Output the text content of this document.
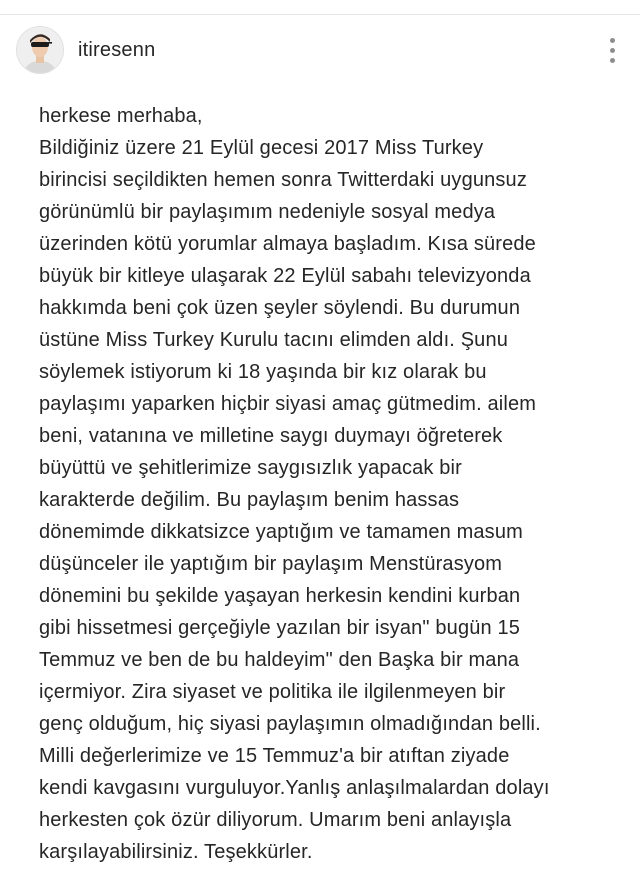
itiresenn
herkese merhaba,
Bildiğiniz üzere 21 Eylül gecesi 2017 Miss Turkey
birincisi seçildikten hemen sonra Twitterdaki uygunsuz
görünümlü bir paylaşımım nedeniyle sosyal medya
üzerinden kötü yorumlar almaya başladım. Kısa sürede
büyük bir kitleye ulaşarak 22 Eylül sabahı televizyonda
hakkımda beni çok üzen şeyler söylendi. Bu durumun
üstüne Miss Turkey Kurulu tacını elimden aldı. Şunu
söylemek istiyorum ki 18 yaşında bir kız olarak bu
paylaşımı yaparken hiçbir siyasi amaç gütmedim. ailem
beni, vatanına ve milletine saygı duymayı öğreterek
büyüttü ve şehitlerimize saygısızlık yapacak bir
karakterde değilim. Bu paylaşım benim hassas
dönemimde dikkatsizce yaptığım ve tamamen masum
düşünceler ile yaptığım bir paylaşım Menstürasyom
dönemini bu şekilde yaşayan herkesin kendini kurban
gibi hissetmesi gerçeğiyle yazılan bir isyan" bugün 15
Temmuz ve ben de bu haldeyim" den Başka bir mana
içermiyor. Zira siyaset ve politika ile ilgilenmeyen bir
genç olduğum, hiç siyasi paylaşımın olmadığından belli.
Milli değerlerimize ve 15 Temmuz'a bir atıftan ziyade
kendi kavgasını vurguluyor.Yanlış anlaşılmalardan dolayı
herkesten çok özür diliyorum. Umarım beni anlayışla
karşılayabilirsiniz. Teşekkürler.
